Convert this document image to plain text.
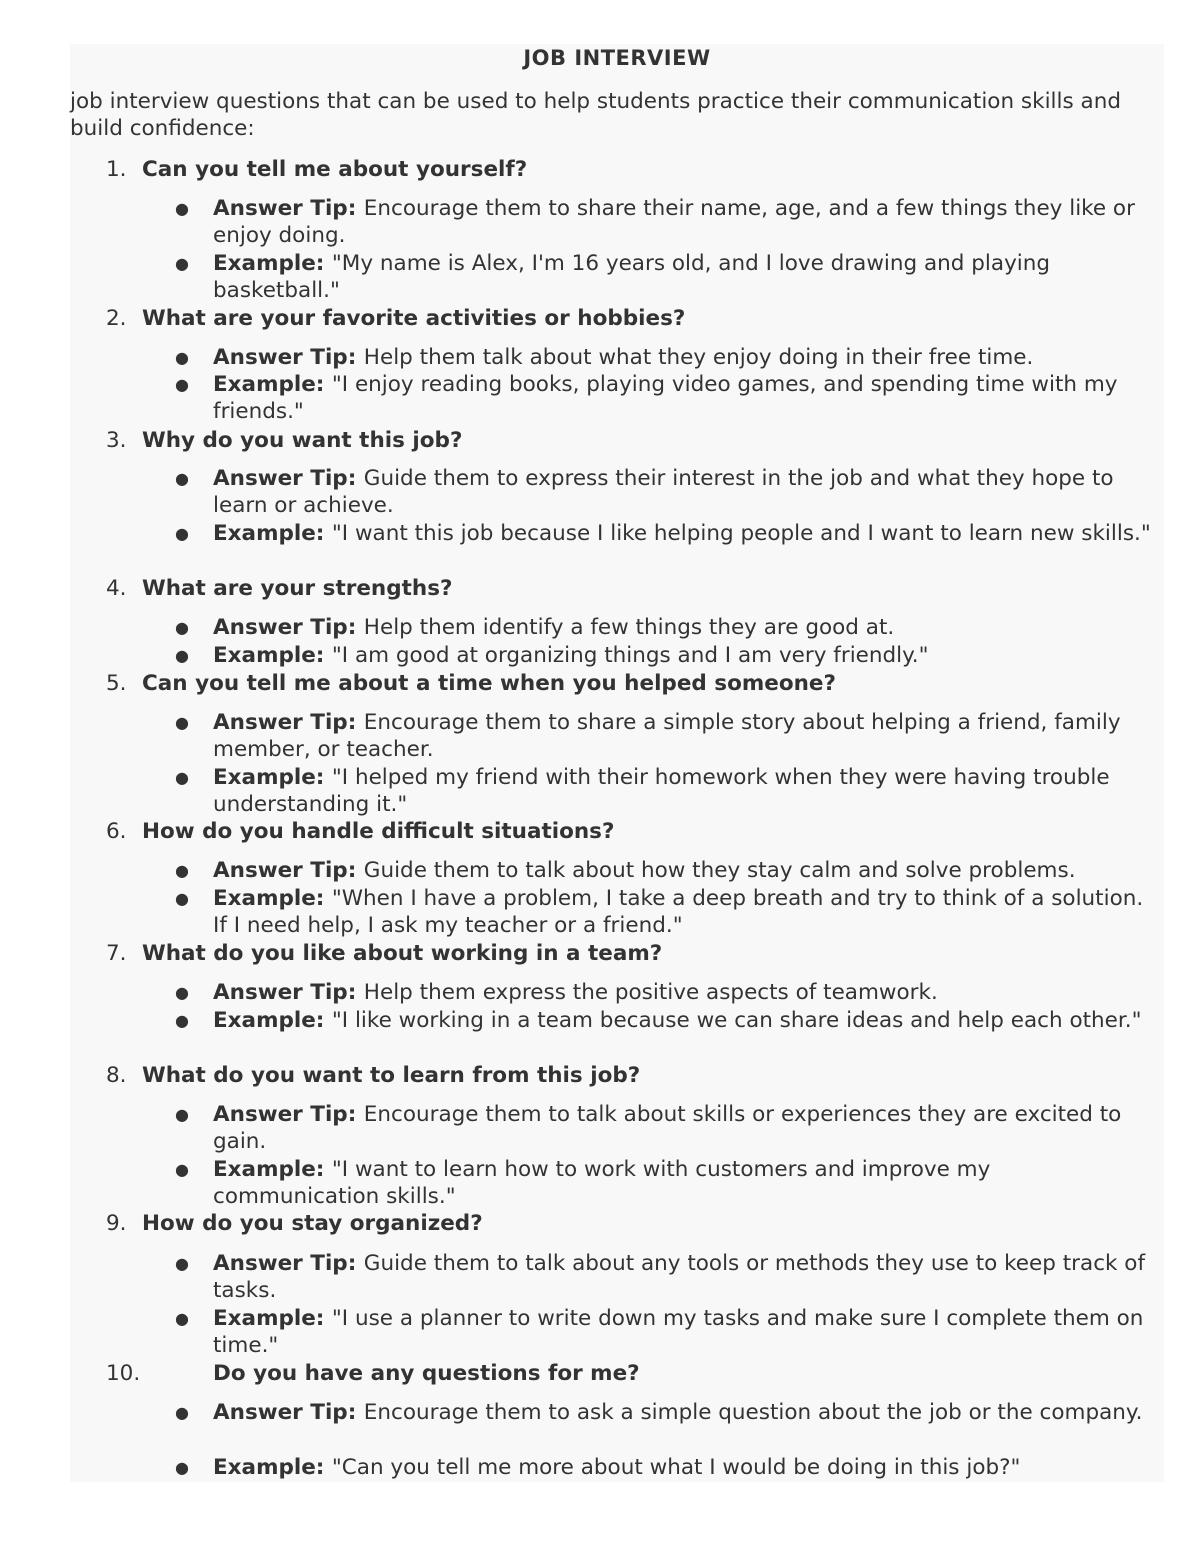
JOB INTERVIEW
job interview questions that can be used to help students practice their communication skills and build confidence:
1. Can you tell me about yourself?
● Answer Tip: Encourage them to share their name, age, and a few things they like or enjoy doing.
● Example: "My name is Alex, I'm 16 years old, and I love drawing and playing basketball."
2. What are your favorite activities or hobbies?
● Answer Tip: Help them talk about what they enjoy doing in their free time.
● Example: "I enjoy reading books, playing video games, and spending time with my friends."
3. Why do you want this job?
● Answer Tip: Guide them to express their interest in the job and what they hope to learn or achieve.
● Example: "I want this job because I like helping people and I want to learn new skills."
4. What are your strengths?
● Answer Tip: Help them identify a few things they are good at.
● Example: "I am good at organizing things and I am very friendly."
5. Can you tell me about a time when you helped someone?
● Answer Tip: Encourage them to share a simple story about helping a friend, family member, or teacher.
● Example: "I helped my friend with their homework when they were having trouble understanding it."
6. How do you handle difficult situations?
● Answer Tip: Guide them to talk about how they stay calm and solve problems.
● Example: "When I have a problem, I take a deep breath and try to think of a solution. If I need help, I ask my teacher or a friend."
7. What do you like about working in a team?
● Answer Tip: Help them express the positive aspects of teamwork.
● Example: "I like working in a team because we can share ideas and help each other."
8. What do you want to learn from this job?
● Answer Tip: Encourage them to talk about skills or experiences they are excited to gain.
● Example: "I want to learn how to work with customers and improve my communication skills."
9. How do you stay organized?
● Answer Tip: Guide them to talk about any tools or methods they use to keep track of tasks.
● Example: "I use a planner to write down my tasks and make sure I complete them on time."
10.	Do you have any questions for me?
● Answer Tip: Encourage them to ask a simple question about the job or the company.
● Example: "Can you tell me more about what I would be doing in this job?"
